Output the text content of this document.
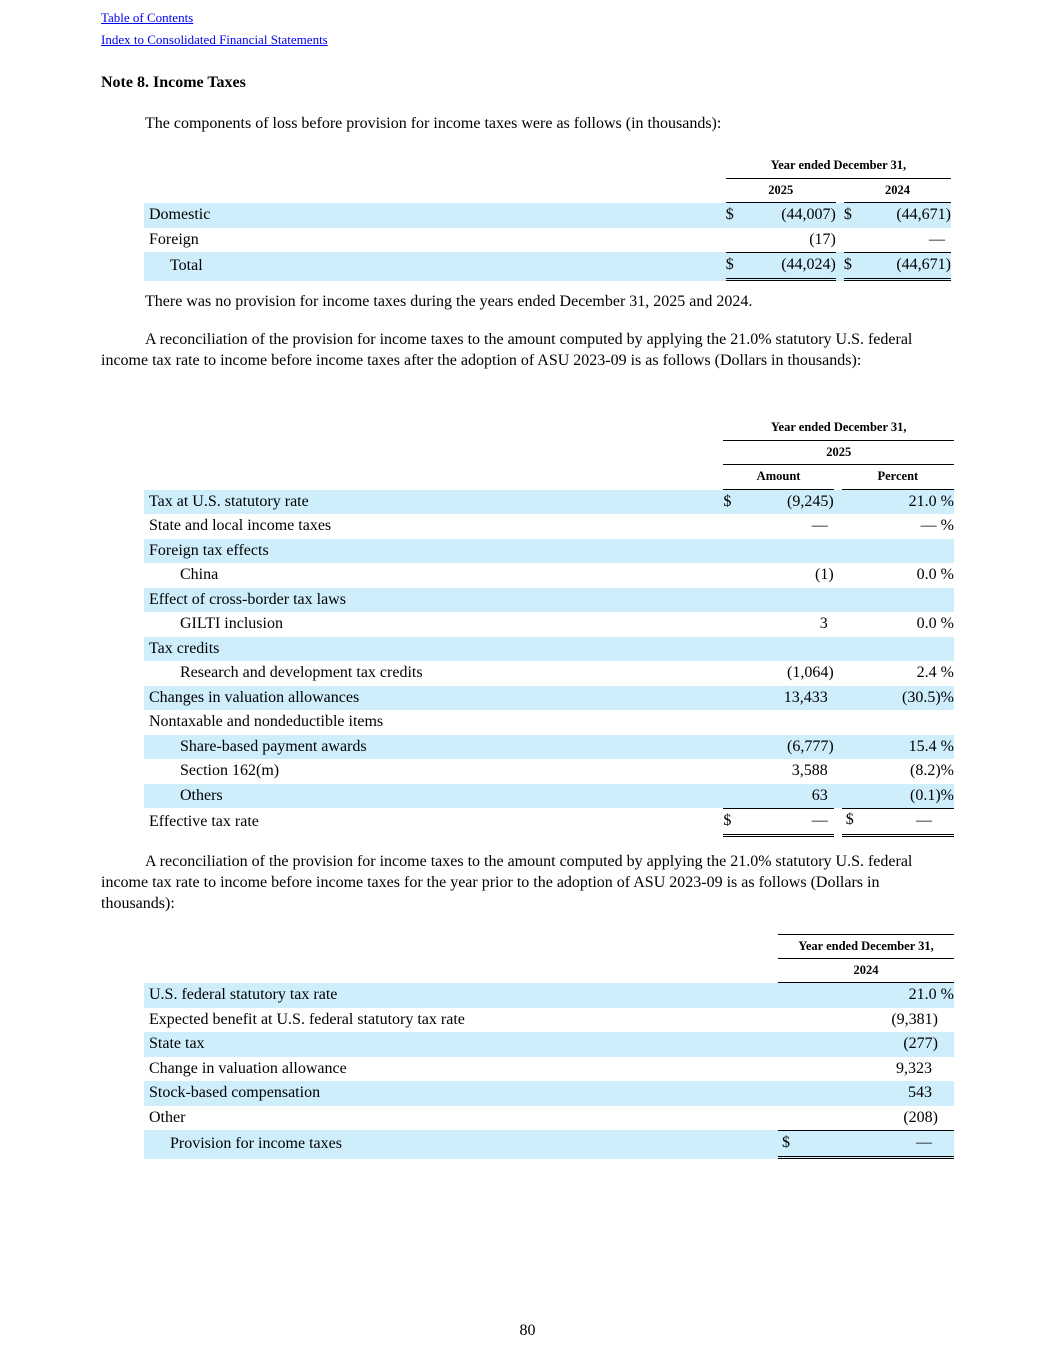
Table of Contents
Index to Consolidated Financial Statements
Note 8. Income Taxes
The components of loss before provision for income taxes were as follows (in thousands):
	Year ended December 31,				
	2025			2024	
Domestic	$	(44,007)		$	(44,671)
Foreign		(17)			—
Total	$	(44,024)		$	(44,671)
There was no provision for income taxes during the years ended December 31, 2025 and 2024.
A reconciliation of the provision for income taxes to the amount computed by applying the 21.0% statutory U.S. federal income tax rate to income before income taxes after the adoption of ASU 2023-09 is as follows (Dollars in thousands):
	Year ended December 31,			
	2025			
	Amount			Percent
Tax at U.S. statutory rate	$	(9,245)		21.0 %
State and local income taxes		—		— %
Foreign tax effects				
China		(1)		0.0 %
Effect of cross-border tax laws				
GILTI inclusion		3		0.0 %
Tax credits				
Research and development tax credits		(1,064)		2.4 %
Changes in valuation allowances		13,433		(30.5)%
Nontaxable and nondeductible items				
Share-based payment awards		(6,777)		15.4 %
Section 162(m)		3,588		(8.2)%
Others		63		(0.1)%
Effective tax rate	$	—		$ —
A reconciliation of the provision for income taxes to the amount computed by applying the 21.0% statutory U.S. federal income tax rate to income before income taxes for the year prior to the adoption of ASU 2023-09 is as follows (Dollars in thousands):
	Year ended December 31,	
	2024	
U.S. federal statutory tax rate		21.0 %
Expected benefit at U.S. federal statutory tax rate		(9,381)
State tax		(277)
Change in valuation allowance		9,323
Stock-based compensation		543
Other		(208)
Provision for income taxes	$	—
80
